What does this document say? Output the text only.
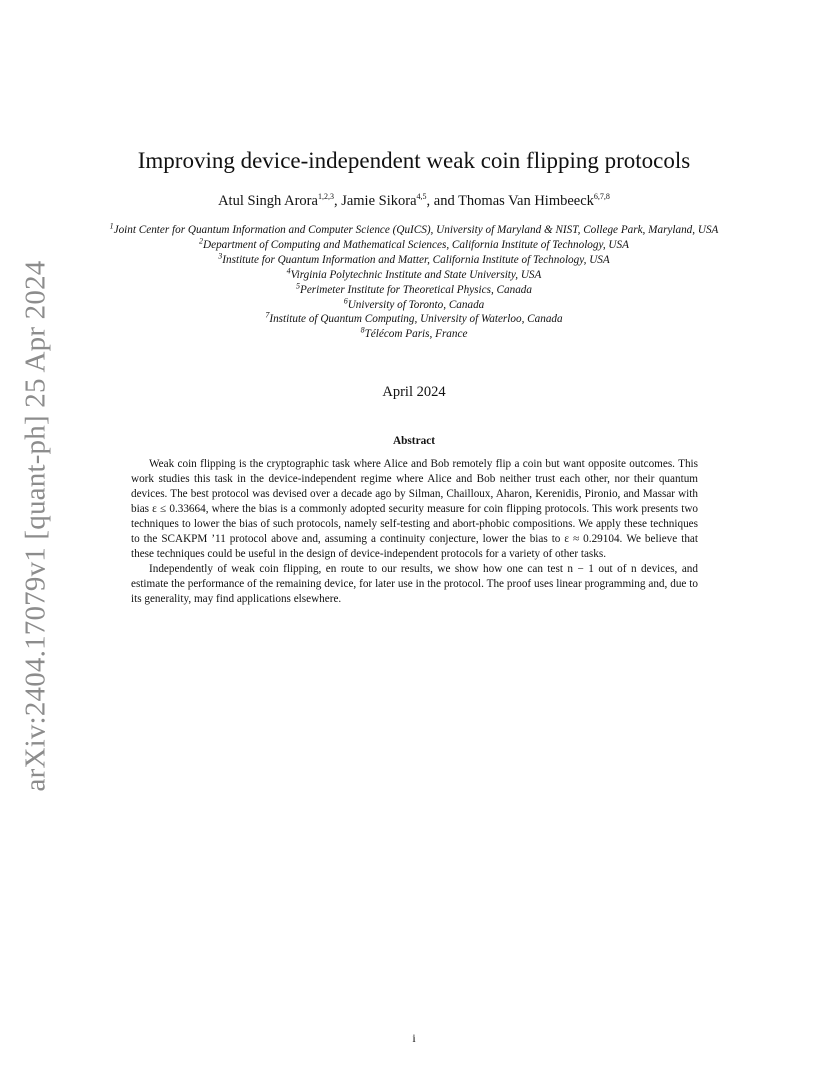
arXiv:2404.17079v1 [quant-ph] 25 Apr 2024
Improving device-independent weak coin flipping protocols
Atul Singh Arora$^{1,2,3}$, Jamie Sikora$^{4,5}$, and Thomas Van Himbeeck$^{6,7,8}$
$^1$Joint Center for Quantum Information and Computer Science (QuICS), University of Maryland & NIST, College Park, Maryland, USA
$^2$Department of Computing and Mathematical Sciences, California Institute of Technology, USA
$^3$Institute for Quantum Information and Matter, California Institute of Technology, USA
$^4$Virginia Polytechnic Institute and State University, USA
$^5$Perimeter Institute for Theoretical Physics, Canada
$^6$University of Toronto, Canada
$^7$Institute of Quantum Computing, University of Waterloo, Canada
$^8$Télécom Paris, France
April 2024
Abstract

Weak coin flipping is the cryptographic task where Alice and Bob remotely flip a coin but want opposite outcomes. This work studies this task in the device-independent regime where Alice and Bob neither trust each other, nor their quantum devices. The best protocol was devised over a decade ago by Silman, Chailloux, Aharon, Kerenidis, Pironio, and Massar with bias ε ≤ 0.33664, where the bias is a commonly adopted security measure for coin flipping protocols. This work presents two techniques to lower the bias of such protocols, namely self-testing and abort-phobic compositions. We apply these techniques to the SCAKPM ’11 protocol above and, assuming a continuity conjecture, lower the bias to ε ≈ 0.29104. We believe that these techniques could be useful in the design of device-independent protocols for a variety of other tasks.

Independently of weak coin flipping, en route to our results, we show how one can test n − 1 out of n devices, and estimate the performance of the remaining device, for later use in the protocol. The proof uses linear programming and, due to its generality, may find applications elsewhere.

i
